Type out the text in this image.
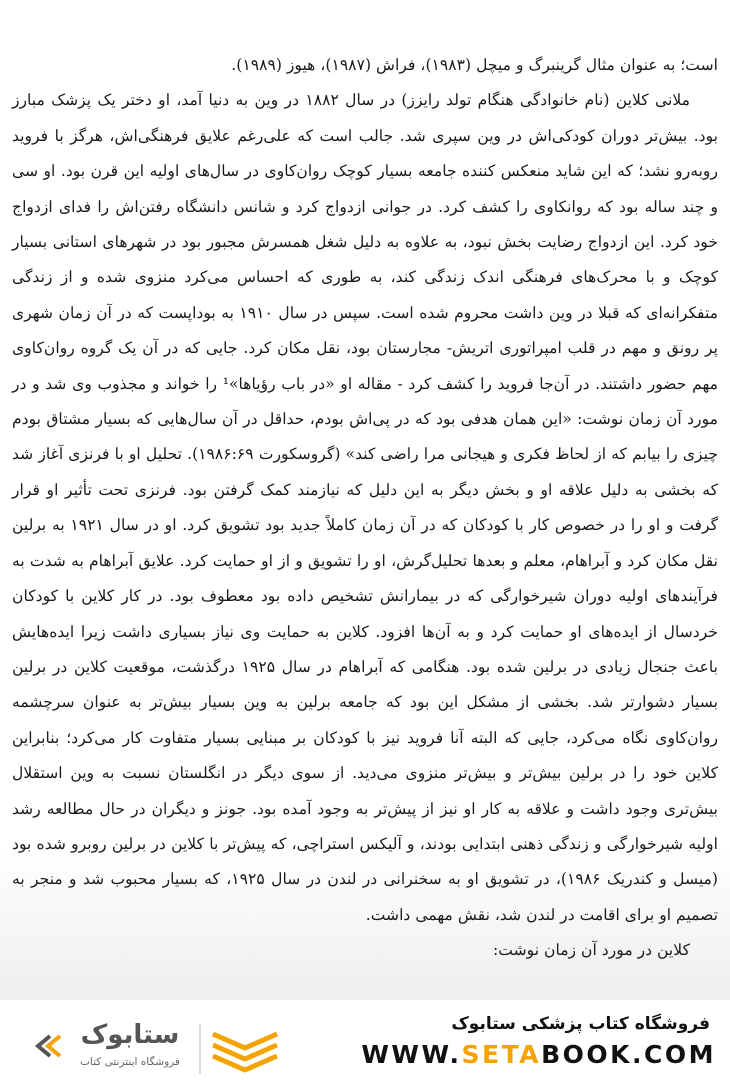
است؛ به عنوان مثال گرینبرگ و میچل (۱۹۸۳)، فراش (۱۹۸۷)، هیوز (۱۹۸۹).

ملانی کلاین (نام خانوادگی هنگام تولد رایزز) در سال ۱۸۸۲ در وین به دنیا آمد، او دختر یک پزشک مبارز بود. بیش‌تر دوران کودکی‌اش در وین سپری شد. جالب است که علی‌رغم علایق فرهنگی‌اش، هرگز با فروید روبه‌رو نشد؛ که این شاید منعکس کننده جامعه بسیار کوچک روان‌کاوی در سال‌های اولیه این قرن بود. او سی و چند ساله بود که روانکاوی را کشف کرد. در جوانی ازدواج کرد و شانس دانشگاه رفتن‌اش را فدای ازدواج خود کرد. این ازدواج رضایت بخش نبود، به علاوه به دلیل شغل همسرش مجبور بود در شهرهای استانی بسیار کوچک و با محرک‌های فرهنگی اندک زندگی کند، به طوری که احساس می‌کرد منزوی شده و از زندگی متفکرانه‌ای که قبلا در وین داشت محروم شده است. سپس در سال ۱۹۱۰ به بوداپست که در آن زمان شهری پر رونق و مهم در قلب امپراتوری اتریش- مجارستان بود، نقل مکان کرد. جایی که در آن یک گروه روان‌کاوی مهم حضور داشتند. در آن‌جا فروید را کشف کرد - مقاله او «در باب رؤیاها»¹ را خواند و مجذوب وی شد و در مورد آن زمان نوشت: «این همان هدفی بود که در پی‌اش بودم، حداقل در آن سال‌هایی که بسیار مشتاق بودم چیزی را بیابم که از لحاظ فکری و هیجانی مرا راضی کند» (گروسکورت ۱۹۸۶:۶۹). تحلیل او با فرنزی آغاز شد که بخشی به دلیل علاقه او و بخش دیگر به این دلیل که نیازمند کمک گرفتن بود. فرنزی تحت تأثیر او قرار گرفت و او را در خصوص کار با کودکان که در آن زمان کاملاً جدید بود تشویق کرد. او در سال ۱۹۲۱ به برلین نقل مکان کرد و آبراهام، معلم و بعدها تحلیل‌گرش، او را تشویق و از او حمایت کرد. علایق آبراهام به شدت به فرآیندهای اولیه دوران شیرخوارگی که در بیمارانش تشخیص داده بود معطوف بود. در کار کلاین با کودکان خردسال از ایده‌های او حمایت کرد و به آن‌ها افزود. کلاین به حمایت وی نیاز بسیاری داشت زیرا ایده‌هایش باعث جنجال زیادی در برلین شده بود. هنگامی که آبراهام در سال ۱۹۲۵ درگذشت، موقعیت کلاین در برلین بسیار دشوارتر شد. بخشی از مشکل این بود که جامعه برلین به وین بسیار بیش‌تر به عنوان سرچشمه روان‌کاوی نگاه می‌کرد، جایی که البته آنا فروید نیز با کودکان بر مبنایی بسیار متفاوت کار می‌کرد؛ بنابراین کلاین خود را در برلین بیش‌تر و بیش‌تر منزوی می‌دید. از سوی دیگر در انگلستان نسبت به وین استقلال بیش‌تری وجود داشت و علاقه به کار او نیز از پیش‌تر به وجود آمده بود. جونز و دیگران در حال مطالعه رشد اولیه شیرخوارگی و زندگی ذهنی ابتدایی بودند، و آلیکس استراچی، که پیش‌تر با کلاین در برلین روبرو شده بود (میسل و کندریک ۱۹۸۶)، در تشویق او به سخنرانی در لندن در سال ۱۹۲۵، که بسیار محبوب شد و منجر به تصمیم او برای اقامت در لندن شد، نقش مهمی داشت.

کلاین در مورد آن زمان نوشت:

ستابوک
فروشگاه اینترنتی کتاب
فروشگاه کتاب پزشکی ستابوک
WWW.SETABOOK.COM
